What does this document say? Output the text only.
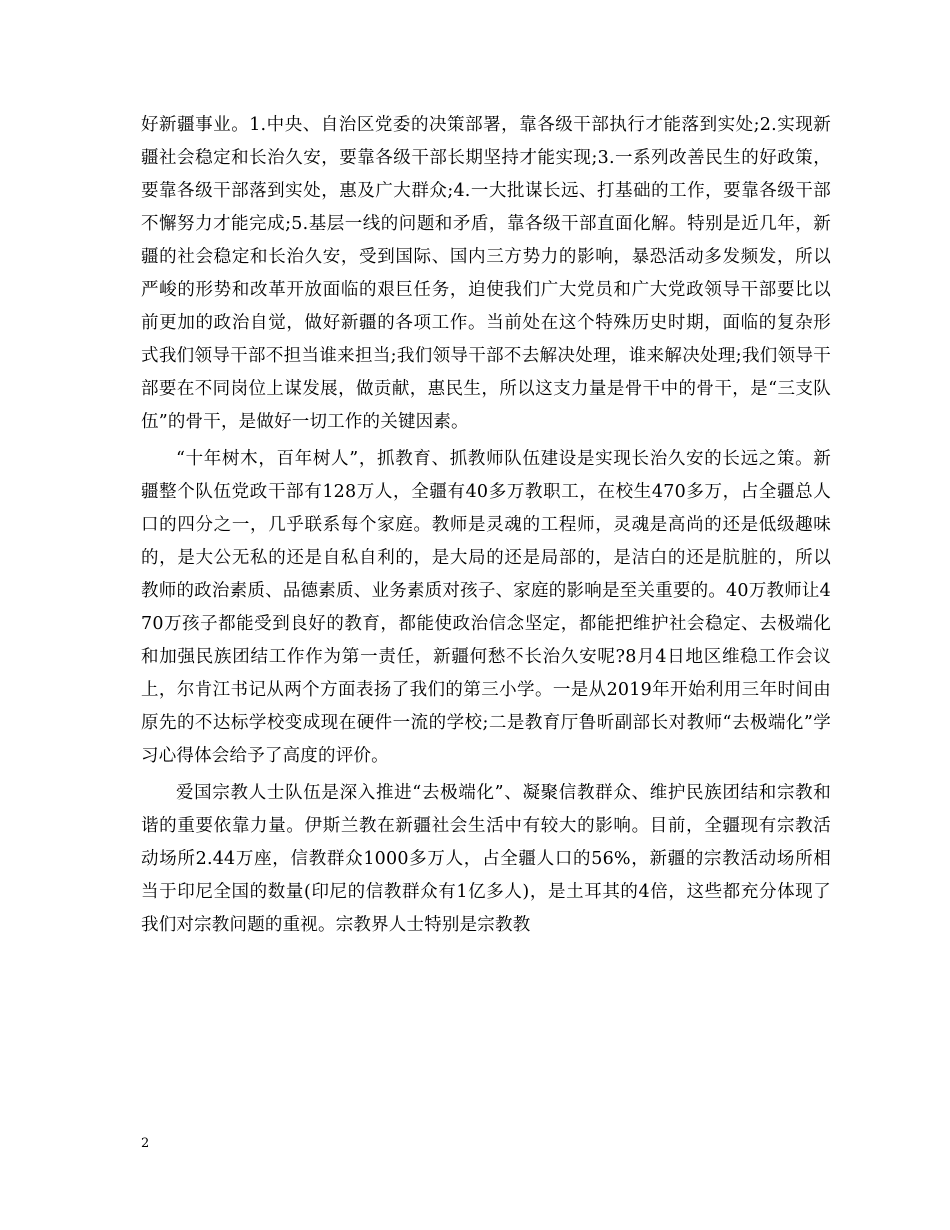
好新疆事业。1.中央、自治区党委的决策部署，靠各级干部执行才能落到实处;2.实现新疆社会稳定和长治久安，要靠各级干部长期坚持才能实现;3.一系列改善民生的好政策，要靠各级干部落到实处，惠及广大群众;4.一大批谋长远、打基础的工作，要靠各级干部不懈努力才能完成;5.基层一线的问题和矛盾，靠各级干部直面化解。特别是近几年，新疆的社会稳定和长治久安，受到国际、国内三方势力的影响，暴恐活动多发频发，所以严峻的形势和改革开放面临的艰巨任务，迫使我们广大党员和广大党政领导干部要比以前更加的政治自觉，做好新疆的各项工作。当前处在这个特殊历史时期，面临的复杂形式我们领导干部不担当谁来担当;我们领导干部不去解决处理，谁来解决处理;我们领导干部要在不同岗位上谋发展，做贡献，惠民生，所以这支力量是骨干中的骨干，是“三支队伍”的骨干，是做好一切工作的关键因素。

“十年树木，百年树人”，抓教育、抓教师队伍建设是实现长治久安的长远之策。新疆整个队伍党政干部有128万人，全疆有40多万教职工，在校生470多万，占全疆总人口的四分之一，几乎联系每个家庭。教师是灵魂的工程师，灵魂是高尚的还是低级趣味的，是大公无私的还是自私自利的，是大局的还是局部的，是洁白的还是肮脏的，所以教师的政治素质、品德素质、业务素质对孩子、家庭的影响是至关重要的。40万教师让470万孩子都能受到良好的教育，都能使政治信念坚定，都能把维护社会稳定、去极端化和加强民族团结工作作为第一责任，新疆何愁不长治久安呢?8月4日地区维稳工作会议上，尔肯江书记从两个方面表扬了我们的第三小学。一是从2019年开始利用三年时间由原先的不达标学校变成现在硬件一流的学校;二是教育厅鲁昕副部长对教师“去极端化”学习心得体会给予了高度的评价。

爱国宗教人士队伍是深入推进“去极端化”、凝聚信教群众、维护民族团结和宗教和谐的重要依靠力量。伊斯兰教在新疆社会生活中有较大的影响。目前，全疆现有宗教活动场所2.44万座，信教群众1000多万人，占全疆人口的56%，新疆的宗教活动场所相当于印尼全国的数量(印尼的信教群众有1亿多人)，是土耳其的4倍，这些都充分体现了我们对宗教问题的重视。宗教界人士特别是宗教教

2
